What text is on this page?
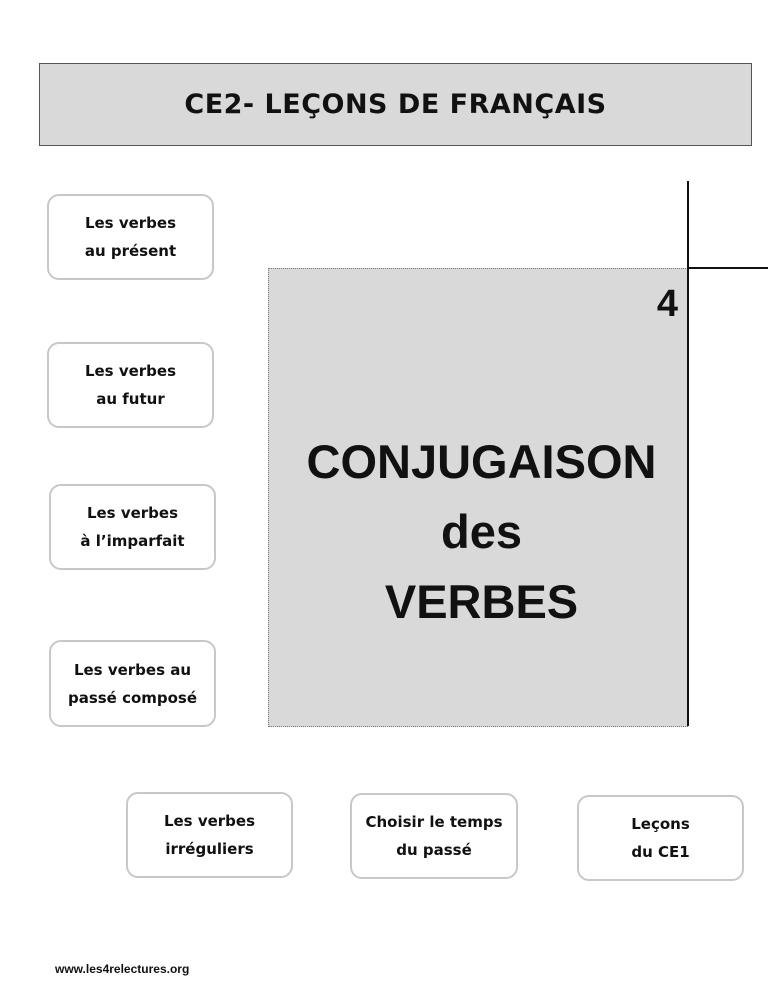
CE2- LEÇONS DE FRANÇAIS
Les verbes
au présent
Les verbes
au futur
Les verbes
à l’imparfait
Les verbes au
passé composé
Les verbes
irréguliers
Choisir le temps
du passé
Leçons
du CE1
4
CONJUGAISON
des
VERBES
www.les4relectures.org
